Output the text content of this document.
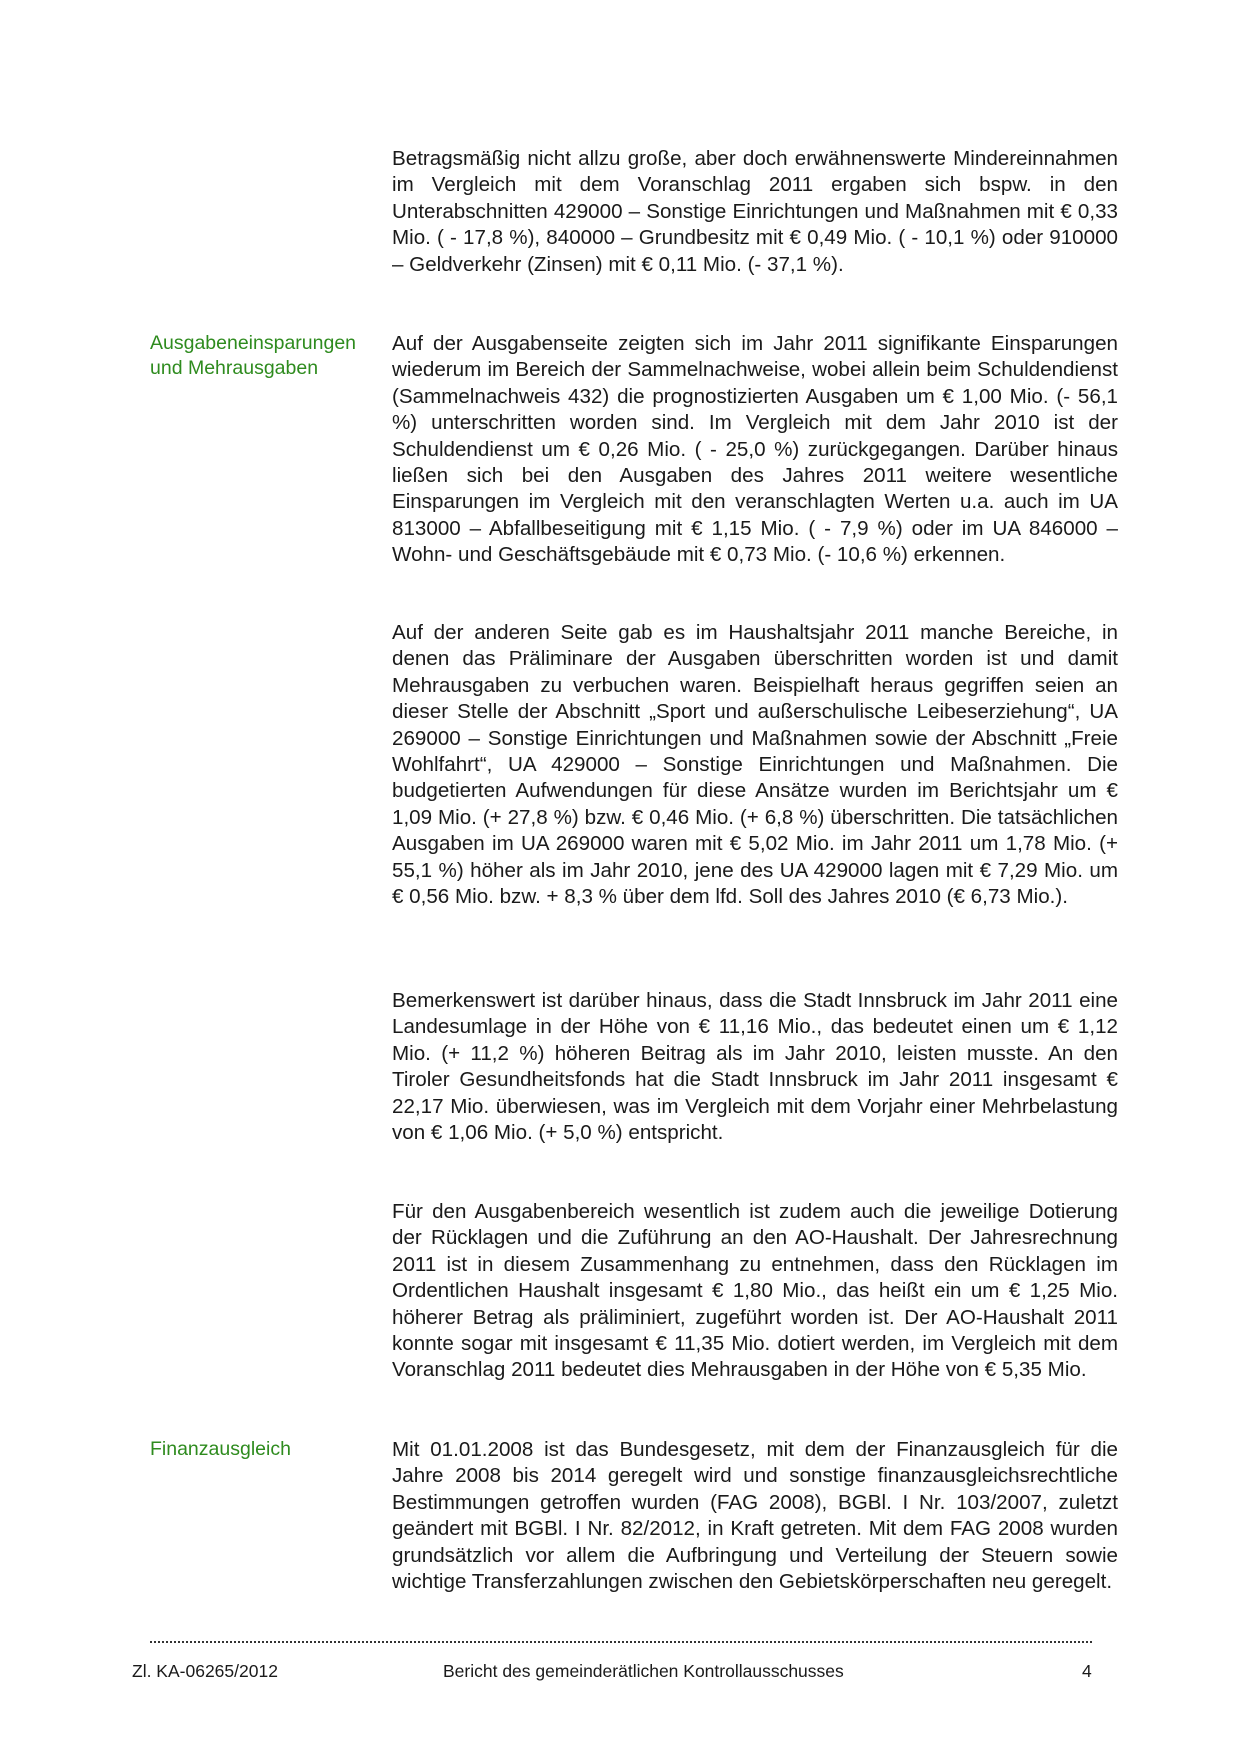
Betragsmäßig nicht allzu große, aber doch erwähnenswerte Mindereinnahmen im Vergleich mit dem Voranschlag 2011 ergaben sich bspw. in den Unterabschnitten 429000 – Sonstige Einrichtungen und Maßnahmen mit € 0,33 Mio. ( - 17,8 %), 840000 – Grundbesitz mit € 0,49 Mio. ( - 10,1 %) oder 910000 – Geldverkehr (Zinsen) mit € 0,11 Mio. (- 37,1 %).

Ausgabeneinsparungen und Mehrausgaben

Auf der Ausgabenseite zeigten sich im Jahr 2011 signifikante Einsparungen wiederum im Bereich der Sammelnachweise, wobei allein beim Schuldendienst (Sammelnachweis 432) die prognostizierten Ausgaben um € 1,00 Mio. (- 56,1 %) unterschritten worden sind. Im Vergleich mit dem Jahr 2010 ist der Schuldendienst um € 0,26 Mio. ( - 25,0 %) zurückgegangen. Darüber hinaus ließen sich bei den Ausgaben des Jahres 2011 weitere wesentliche Einsparungen im Vergleich mit den veranschlagten Werten u.a. auch im UA 813000 – Abfallbeseitigung mit € 1,15 Mio. ( - 7,9 %) oder im UA 846000 – Wohn- und Geschäftsgebäude mit € 0,73 Mio. (- 10,6 %) erkennen.

Auf der anderen Seite gab es im Haushaltsjahr 2011 manche Bereiche, in denen das Präliminare der Ausgaben überschritten worden ist und damit Mehrausgaben zu verbuchen waren. Beispielhaft heraus gegriffen seien an dieser Stelle der Abschnitt „Sport und außerschulische Leibeserziehung“, UA 269000 – Sonstige Einrichtungen und Maßnahmen sowie der Abschnitt „Freie Wohlfahrt“, UA 429000 – Sonstige Einrichtungen und Maßnahmen. Die budgetierten Aufwendungen für diese Ansätze wurden im Berichtsjahr um € 1,09 Mio. (+ 27,8 %) bzw. € 0,46 Mio. (+ 6,8 %) überschritten. Die tatsächlichen Ausgaben im UA 269000 waren mit € 5,02 Mio. im Jahr 2011 um 1,78 Mio. (+ 55,1 %) höher als im Jahr 2010, jene des UA 429000 lagen mit € 7,29 Mio. um € 0,56 Mio. bzw. + 8,3 % über dem lfd. Soll des Jahres 2010 (€ 6,73 Mio.).

Bemerkenswert ist darüber hinaus, dass die Stadt Innsbruck im Jahr 2011 eine Landesumlage in der Höhe von € 11,16 Mio., das bedeutet einen um € 1,12 Mio. (+ 11,2 %) höheren Beitrag als im Jahr 2010, leisten musste. An den Tiroler Gesundheitsfonds hat die Stadt Innsbruck im Jahr 2011 insgesamt € 22,17 Mio. überwiesen, was im Vergleich mit dem Vorjahr einer Mehrbelastung von € 1,06 Mio. (+ 5,0 %) entspricht.

Für den Ausgabenbereich wesentlich ist zudem auch die jeweilige Dotierung der Rücklagen und die Zuführung an den AO-Haushalt. Der Jahresrechnung 2011 ist in diesem Zusammenhang zu entnehmen, dass den Rücklagen im Ordentlichen Haushalt insgesamt € 1,80 Mio., das heißt ein um € 1,25 Mio. höherer Betrag als präliminiert, zugeführt worden ist. Der AO-Haushalt 2011 konnte sogar mit insgesamt € 11,35 Mio. dotiert werden, im Vergleich mit dem Voranschlag 2011 bedeutet dies Mehrausgaben in der Höhe von € 5,35 Mio.

Finanzausgleich	Mit 01.01.2008 ist das Bundesgesetz, mit dem der Finanzausgleich für die Jahre 2008 bis 2014 geregelt wird und sonstige finanzausgleichsrechtliche Bestimmungen getroffen wurden (FAG 2008), BGBl. I Nr. 103/2007, zuletzt geändert mit BGBl. I Nr. 82/2012, in Kraft getreten. Mit dem FAG 2008 wurden grundsätzlich vor allem die Aufbringung und Verteilung der Steuern sowie wichtige Transferzahlungen zwischen den Gebietskörperschaften neu geregelt.

Zl. KA-06265/2012	Bericht des gemeinderätlichen Kontrollausschusses	4
